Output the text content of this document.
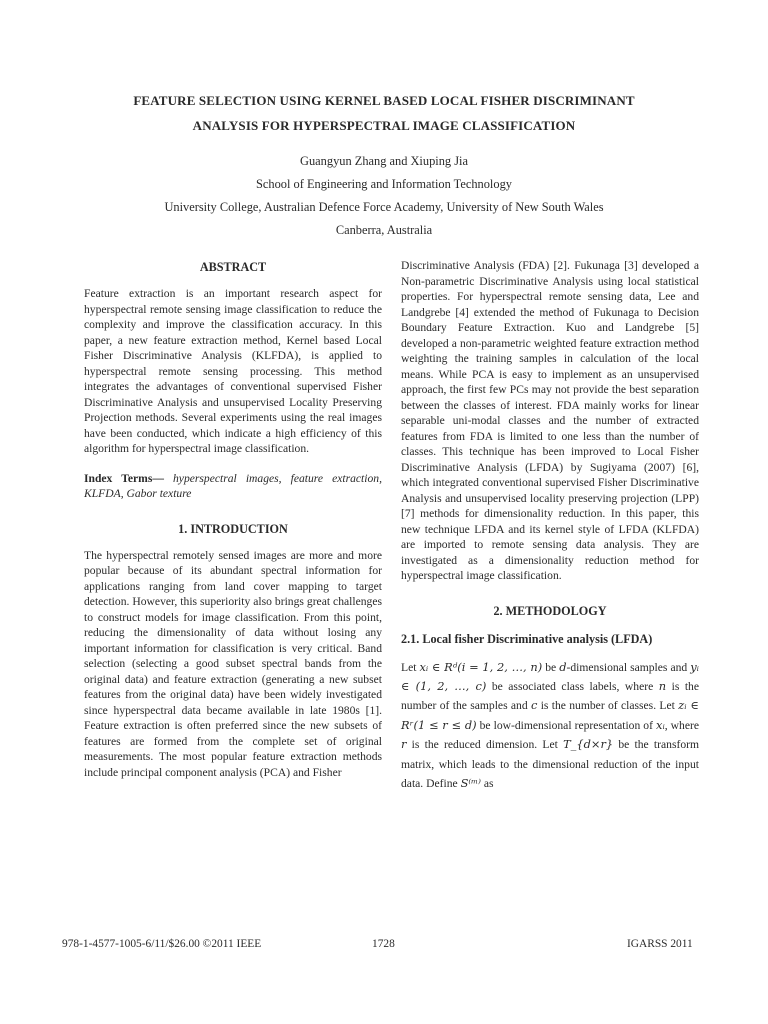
FEATURE SELECTION USING KERNEL BASED LOCAL FISHER DISCRIMINANT
ANALYSIS FOR HYPERSPECTRAL IMAGE CLASSIFICATION
Guangyun Zhang and Xiuping Jia
School of Engineering and Information Technology
University College, Australian Defence Force Academy, University of New South Wales
Canberra, Australia
ABSTRACT

Feature extraction is an important research aspect for hyperspectral remote sensing image classification to reduce the complexity and improve the classification accuracy. In this paper, a new feature extraction method, Kernel based Local Fisher Discriminative Analysis (KLFDA), is applied to hyperspectral remote sensing processing. This method integrates the advantages of conventional supervised Fisher Discriminative Analysis and unsupervised Locality Preserving Projection methods. Several experiments using the real images have been conducted, which indicate a high efficiency of this algorithm for hyperspectral image classification.

Index Terms— hyperspectral images, feature extraction, KLFDA, Gabor texture

1. INTRODUCTION

The hyperspectral remotely sensed images are more and more popular because of its abundant spectral information for applications ranging from land cover mapping to target detection. However, this superiority also brings great challenges to construct models for image classification. From this point, reducing the dimensionality of data without losing any important information for classification is very critical. Band selection (selecting a good subset spectral bands from the original data) and feature extraction (generating a new subset features from the original data) have been widely investigated since hyperspectral data became available in late 1980s [1]. Feature extraction is often preferred since the new subsets of features are formed from the complete set of original measurements. The most popular feature extraction methods include principal component analysis (PCA) and Fisher

Discriminative Analysis (FDA) [2]. Fukunaga [3] developed a Non-parametric Discriminative Analysis using local statistical properties. For hyperspectral remote sensing data, Lee and Landgrebe [4] extended the method of Fukunaga to Decision Boundary Feature Extraction. Kuo and Landgrebe [5] developed a non-parametric weighted feature extraction method weighting the training samples in calculation of the local means. While PCA is easy to implement as an unsupervised approach, the first few PCs may not provide the best separation between the classes of interest. FDA mainly works for linear separable uni-modal classes and the number of extracted features from FDA is limited to one less than the number of classes. This technique has been improved to Local Fisher Discriminative Analysis (LFDA) by Sugiyama (2007) [6], which integrated conventional supervised Fisher Discriminative Analysis and unsupervised locality preserving projection (LPP) [7] methods for dimensionality reduction. In this paper, this new technique LFDA and its kernel style of LFDA (KLFDA) are imported to remote sensing data analysis. They are investigated as a dimensionality reduction method for hyperspectral image classification.

2. METHODOLOGY
2.1. Local fisher Discriminative analysis (LFDA)

Let xᵢ ∈ Rᵈ(i = 1, 2, …, n) be d-dimensional samples and yᵢ ∈ (1, 2, …, c) be associated class labels, where n is the number of the samples and c is the number of classes. Let zᵢ ∈ Rʳ(1 ≤ r ≤ d) be low-dimensional representation of xᵢ, where r is the reduced dimension. Let T_{d×r} be the transform matrix, which leads to the dimensional reduction of the input data. Define S⁽ᵐ⁾ as

978-1-4577-1005-6/11/$26.00 ©2011 IEEE	1728	IGARSS 2011
